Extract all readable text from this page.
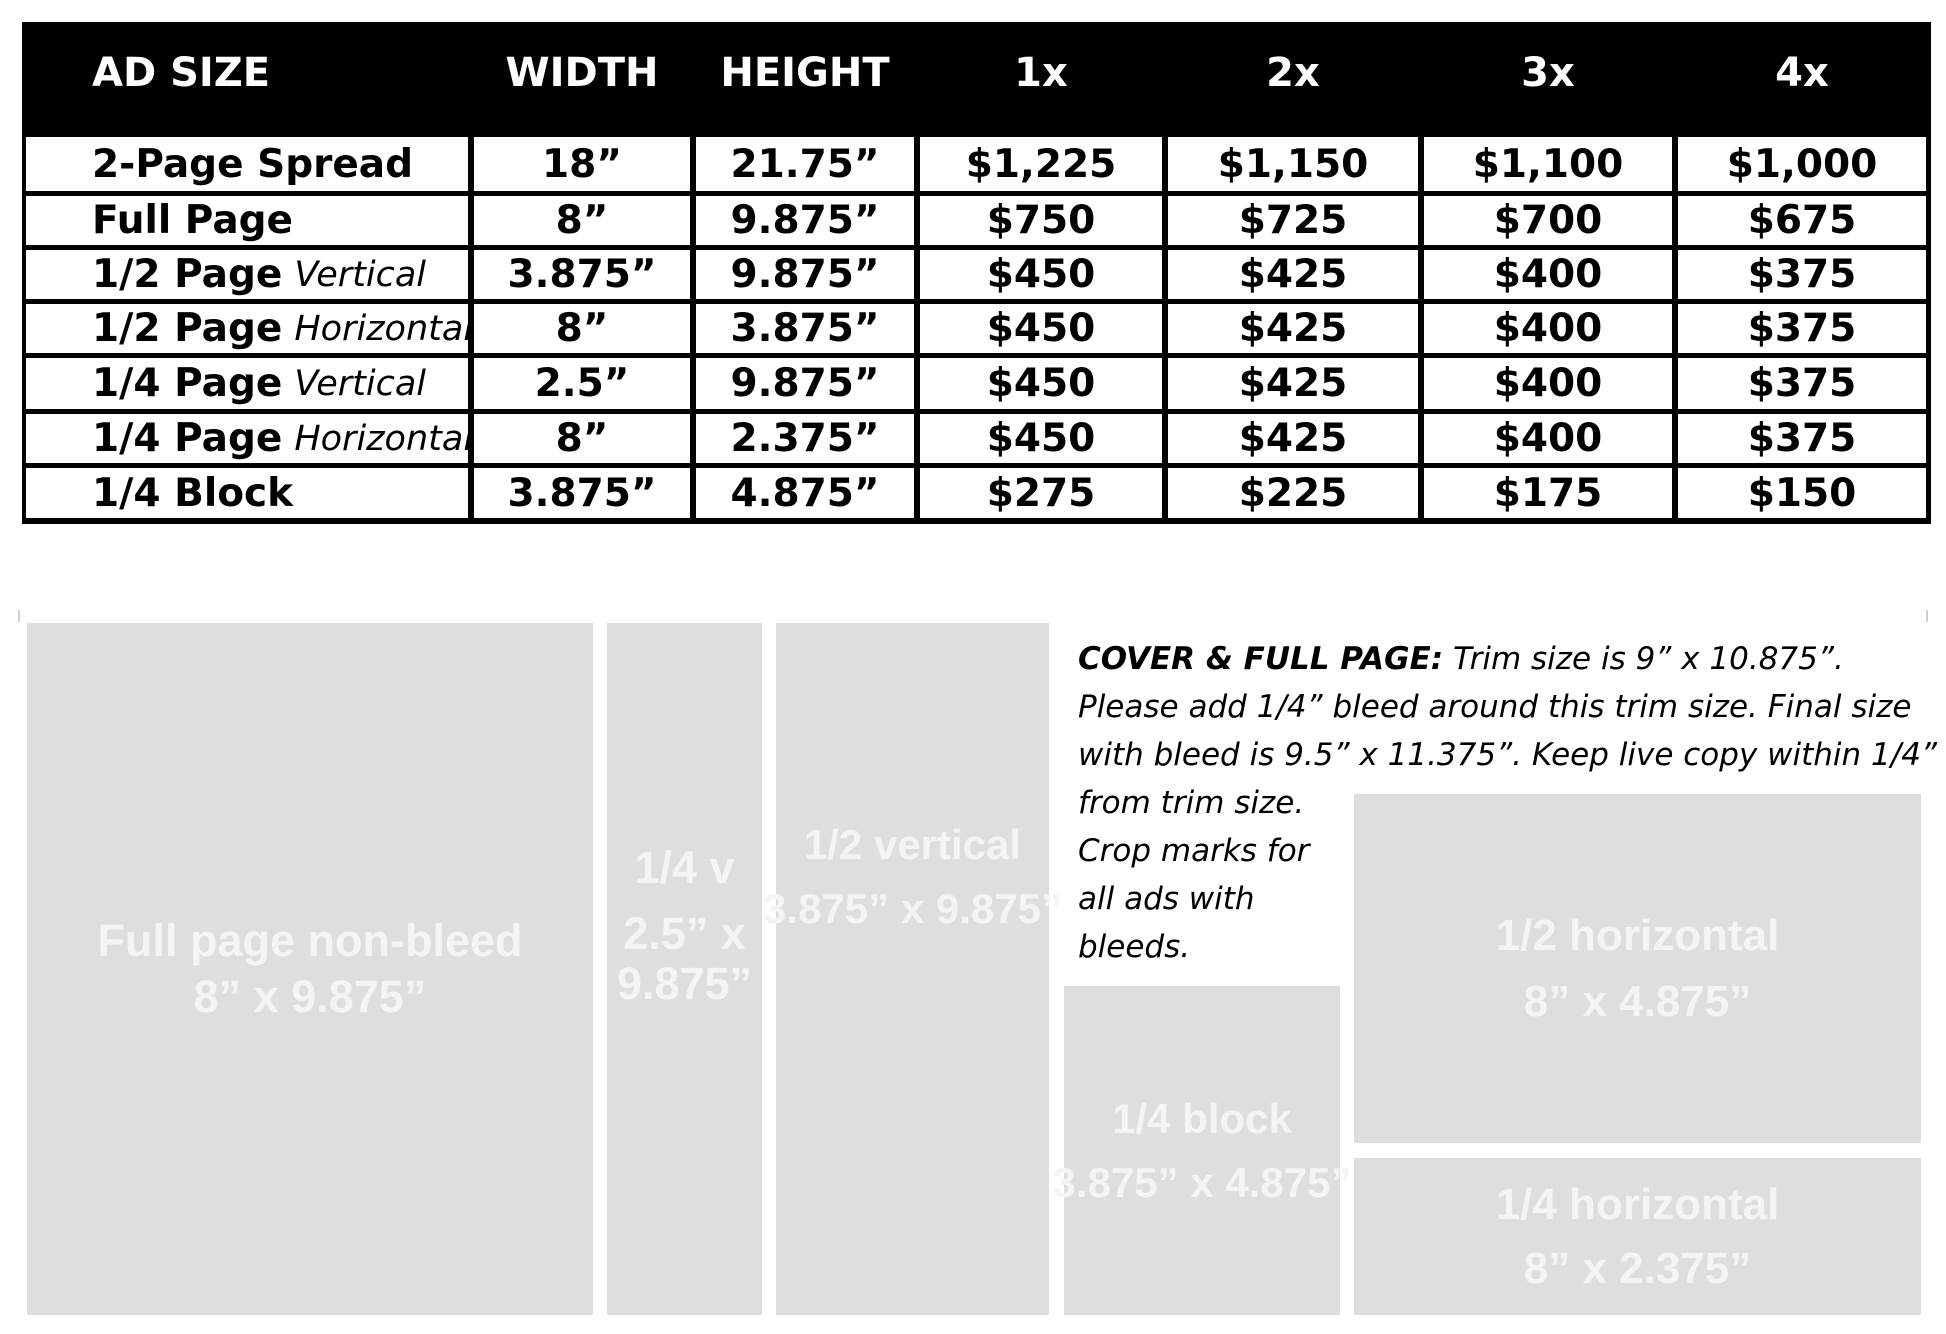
AD SIZE	WIDTH	HEIGHT	1x	2x	3x	4x
2-Page Spread	18”	21.75”	$1,225	$1,150	$1,100	$1,000
Full Page	8”	9.875”	$750	$725	$700	$675
1/2 Page Vertical	3.875”	9.875”	$450	$425	$400	$375
1/2 Page Horizontal	8”	3.875”	$450	$425	$400	$375
1/4 Page Vertical	2.5”	9.875”	$450	$425	$400	$375
1/4 Page Horizontal	8”	2.375”	$450	$425	$400	$375
1/4 Block	3.875”	4.875”	$275	$225	$175	$150
Full page non-bleed
8” x 9.875”
1/4 v
2.5” x
9.875”
1/2 vertical
3.875” x 9.875”
1/4 block
3.875” x 4.875”
1/2 horizontal
8” x 4.875”
1/4 horizontal
8” x 2.375”
COVER & FULL PAGE: Trim size is 9” x 10.875”.
Please add 1/4” bleed around this trim size. Final size
with bleed is 9.5” x 11.375”. Keep live copy within 1/4”
from trim size.
Crop marks for
all ads with
bleeds.
